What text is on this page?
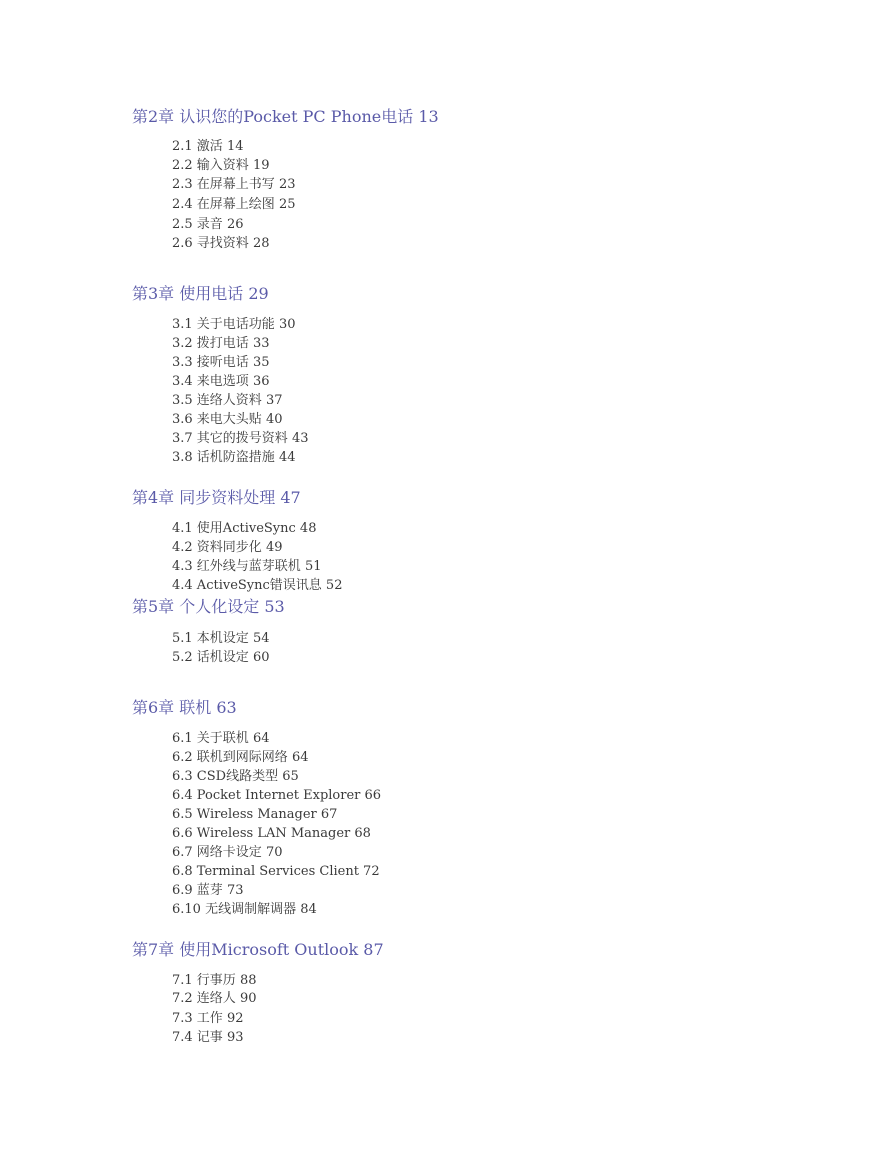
第2章 认识您的Pocket PC Phone电话 13
2.1 激活 14
2.2 输入资料 19
2.3 在屏幕上书写 23
2.4 在屏幕上绘图 25
2.5 录音 26
2.6 寻找资料 28
第3章 使用电话 29
3.1 关于电话功能 30
3.2 拨打电话 33
3.3 接听电话 35
3.4 来电选项 36
3.5 连络人资料 37
3.6 来电大头贴 40
3.7 其它的拨号资料 43
3.8 话机防盗措施 44
第4章 同步资料处理 47
4.1 使用ActiveSync 48
4.2 资料同步化 49
4.3 红外线与蓝芽联机 51
4.4 ActiveSync错误讯息 52
第5章 个人化设定 53
5.1 本机设定 54
5.2 话机设定 60
第6章 联机 63
6.1 关于联机 64
6.2 联机到网际网络 64
6.3 CSD线路类型 65
6.4 Pocket Internet Explorer 66
6.5 Wireless Manager 67
6.6 Wireless LAN Manager 68
6.7 网络卡设定 70
6.8 Terminal Services Client 72
6.9 蓝芽 73
6.10 无线调制解调器 84
第7章 使用Microsoft Outlook 87
7.1 行事历 88
7.2 连络人 90
7.3 工作 92
7.4 记事 93
